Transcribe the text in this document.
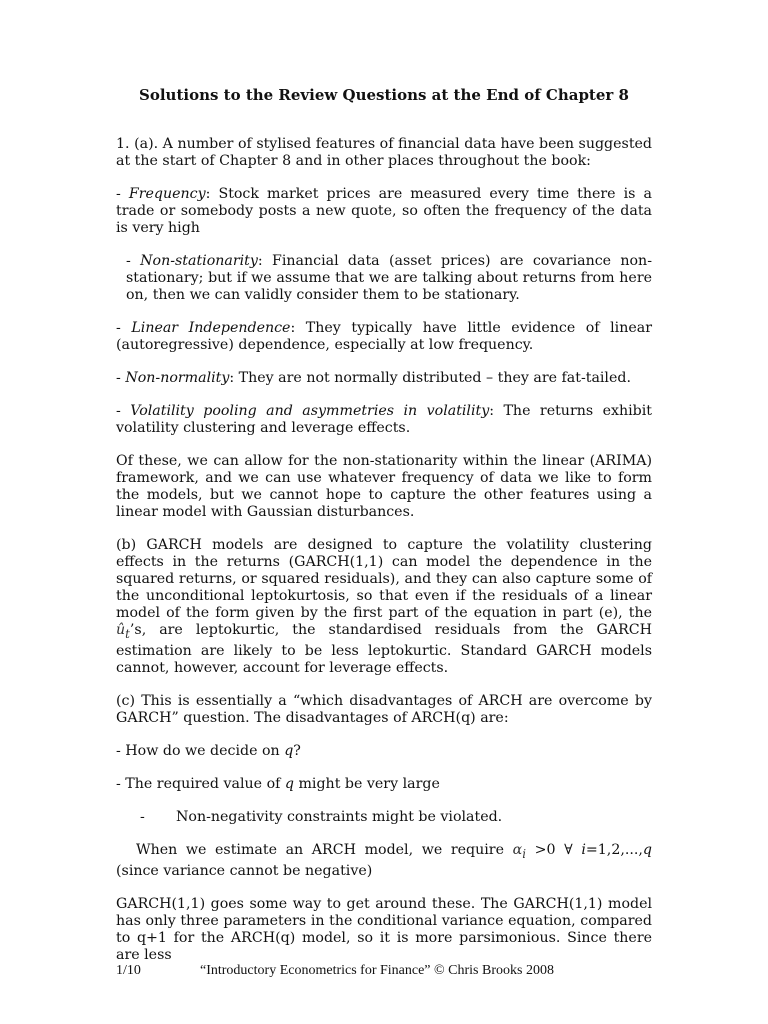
Solutions to the Review Questions at the End of Chapter 8

1. (a). A number of stylised features of financial data have been suggested at the start of Chapter 8 and in other places throughout the book:

- Frequency: Stock market prices are measured every time there is a trade or somebody posts a new quote, so often the frequency of the data is very high

- Non-stationarity: Financial data (asset prices) are covariance non-stationary; but if we assume that we are talking about returns from here on, then we can validly consider them to be stationary.

- Linear Independence: They typically have little evidence of linear (autoregressive) dependence, especially at low frequency.

- Non-normality: They are not normally distributed – they are fat-tailed.

- Volatility pooling and asymmetries in volatility: The returns exhibit volatility clustering and leverage effects.

Of these, we can allow for the non-stationarity within the linear (ARIMA) framework, and we can use whatever frequency of data we like to form the models, but we cannot hope to capture the other features using a linear model with Gaussian disturbances.

(b) GARCH models are designed to capture the volatility clustering effects in the returns (GARCH(1,1) can model the dependence in the squared returns, or squared residuals), and they can also capture some of the unconditional leptokurtosis, so that even if the residuals of a linear model of the form given by the first part of the equation in part (e), the $û_t’s$, are leptokurtic, the standardised residuals from the GARCH estimation are likely to be less leptokurtic. Standard GARCH models cannot, however, account for leverage effects.

(c) This is essentially a “which disadvantages of ARCH are overcome by GARCH” question. The disadvantages of ARCH(q) are:

- How do we decide on q?

- The required value of q might be very large

- Non-negativity constraints might be violated.

When we estimate an ARCH model, we require $\alpha_i >0$ ∀ i=1,2,...,q (since variance cannot be negative)

GARCH(1,1) goes some way to get around these. The GARCH(1,1) model has only three parameters in the conditional variance equation, compared to q+1 for the ARCH(q) model, so it is more parsimonious. Since there are less

1/10	“Introductory Econometrics for Finance” © Chris Brooks 2008
